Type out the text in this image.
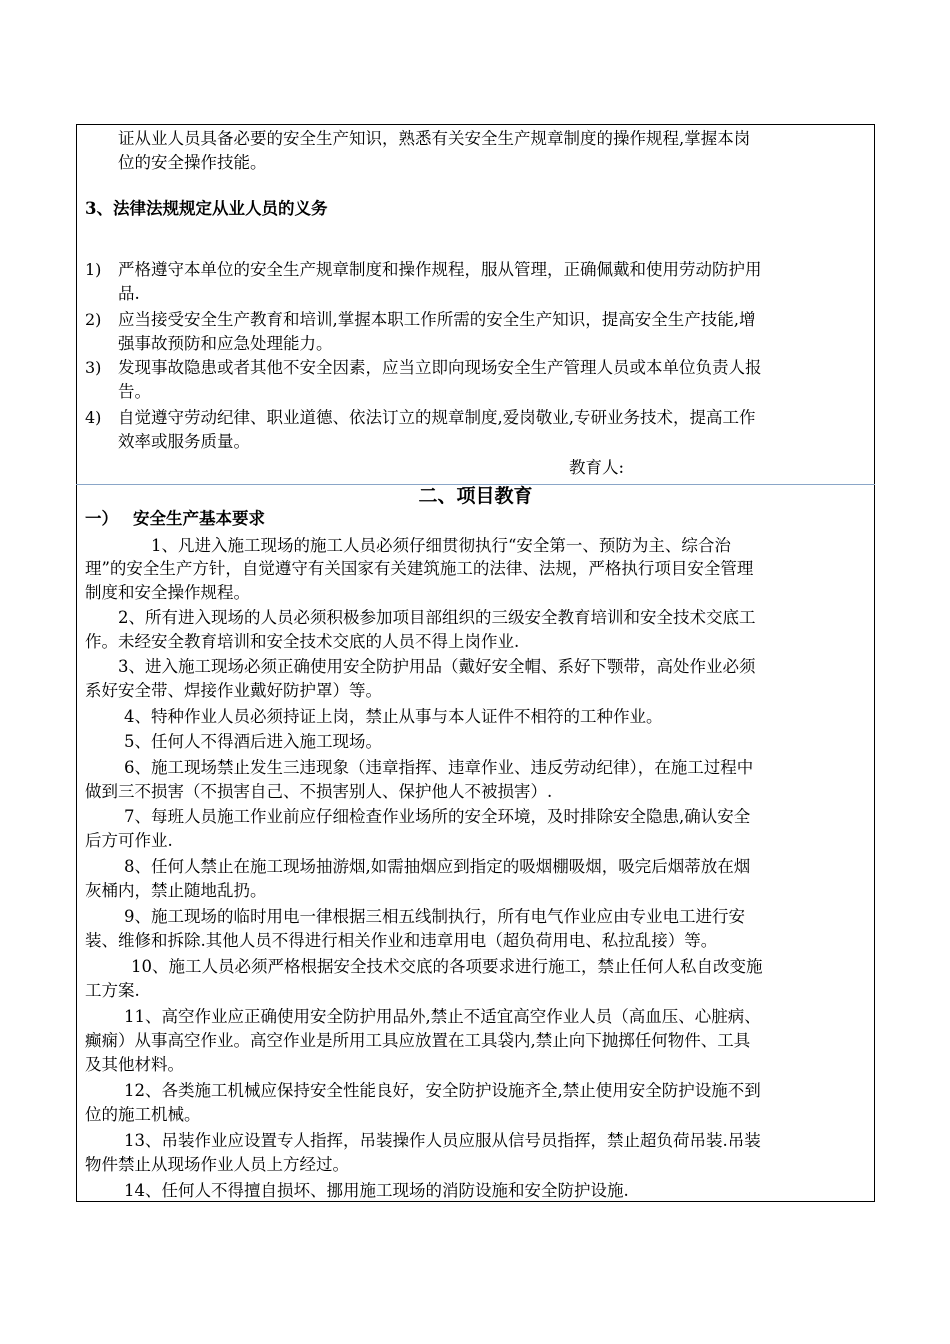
证从业人员具备必要的安全生产知识，熟悉有关安全生产规章制度的操作规程,掌握本岗
位的安全操作技能。
3、法律法规规定从业人员的义务
1) 严格遵守本单位的安全生产规章制度和操作规程，服从管理，正确佩戴和使用劳动防护用
品.
2) 应当接受安全生产教育和培训,掌握本职工作所需的安全生产知识，提高安全生产技能,增
强事故预防和应急处理能力。
3) 发现事故隐患或者其他不安全因素，应当立即向现场安全生产管理人员或本单位负责人报
告。
4) 自觉遵守劳动纪律、职业道德、依法订立的规章制度,爱岗敬业,专研业务技术，提高工作
效率或服务质量。
教育人:
二、项目教育
一） 安全生产基本要求
1、凡进入施工现场的施工人员必须仔细贯彻执行“安全第一、预防为主、综合治
理”的安全生产方针，自觉遵守有关国家有关建筑施工的法律、法规，严格执行项目安全管理
制度和安全操作规程。
2、所有进入现场的人员必须积极参加项目部组织的三级安全教育培训和安全技术交底工
作。未经安全教育培训和安全技术交底的人员不得上岗作业.
3、进入施工现场必须正确使用安全防护用品（戴好安全帽、系好下颚带，高处作业必须
系好安全带、焊接作业戴好防护罩）等。
4、特种作业人员必须持证上岗，禁止从事与本人证件不相符的工种作业。
5、任何人不得酒后进入施工现场。
6、施工现场禁止发生三违现象（违章指挥、违章作业、违反劳动纪律），在施工过程中
做到三不损害（不损害自己、不损害别人、保护他人不被损害）.
7、每班人员施工作业前应仔细检查作业场所的安全环境，及时排除安全隐患,确认安全
后方可作业.
8、任何人禁止在施工现场抽游烟,如需抽烟应到指定的吸烟棚吸烟，吸完后烟蒂放在烟
灰桶内，禁止随地乱扔。
9、施工现场的临时用电一律根据三相五线制执行，所有电气作业应由专业电工进行安
装、维修和拆除.其他人员不得进行相关作业和违章用电（超负荷用电、私拉乱接）等。
10、施工人员必须严格根据安全技术交底的各项要求进行施工，禁止任何人私自改变施
工方案.
11、高空作业应正确使用安全防护用品外,禁止不适宜高空作业人员（高血压、心脏病、
癫痫）从事高空作业。高空作业是所用工具应放置在工具袋内,禁止向下抛掷任何物件、工具
及其他材料。
12、各类施工机械应保持安全性能良好，安全防护设施齐全,禁止使用安全防护设施不到
位的施工机械。
13、吊装作业应设置专人指挥，吊装操作人员应服从信号员指挥，禁止超负荷吊装.吊装
物件禁止从现场作业人员上方经过。
14、任何人不得擅自损坏、挪用施工现场的消防设施和安全防护设施.
